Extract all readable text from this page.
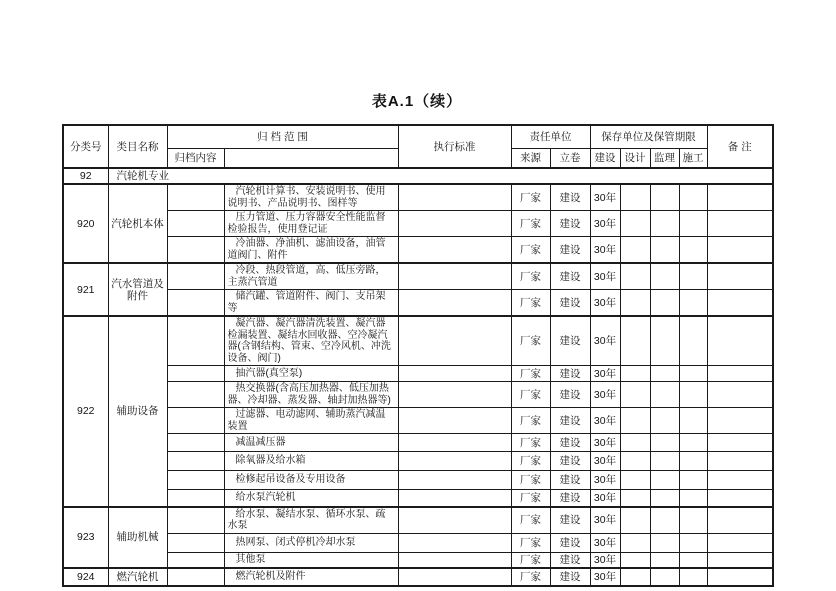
表A.1（续）
分类号	类目名称	归 档 范 围		执行标准	责任单位		保存单位及保管期限				备 注
		归档内容			来源	立卷	建设	设计	监理	施工	
92	汽轮机专业										
920	汽轮机本体		汽轮机计算书、安装说明书、使用说明书、产品说明书、图样等		厂家	建设	30年				
			压力管道、压力容器安全性能监督检验报告，使用登记证		厂家	建设	30年				
			冷油器、净油机、滤油设备，油管道阀门、附件		厂家	建设	30年				
921	汽水管道及附件		冷段、热段管道，高、低压旁路，主蒸汽管道		厂家	建设	30年				
			储汽罐、管道附件、阀门、支吊架等		厂家	建设	30年				
922	辅助设备		凝汽器、凝汽器清洗装置、凝汽器检漏装置、凝结水回收器、空冷凝汽器(含钢结构、管束、空冷风机、冲洗设备、阀门)		厂家	建设	30年				
			抽汽器(真空泵)		厂家	建设	30年				
			热交换器(含高压加热器、低压加热器、冷却器、蒸发器、轴封加热器等)		厂家	建设	30年				
			过滤器、电动滤网、辅助蒸汽减温装置		厂家	建设	30年				
			减温减压器		厂家	建设	30年				
			除氧器及给水箱		厂家	建设	30年				
			检修起吊设备及专用设备		厂家	建设	30年				
			给水泵汽轮机		厂家	建设	30年				
923	辅助机械		给水泵、凝结水泵、循环水泵、疏水泵		厂家	建设	30年				
			热网泵、闭式停机冷却水泵		厂家	建设	30年				
			其他泵		厂家	建设	30年				
924	燃汽轮机		燃汽轮机及附件		厂家	建设	30年				
